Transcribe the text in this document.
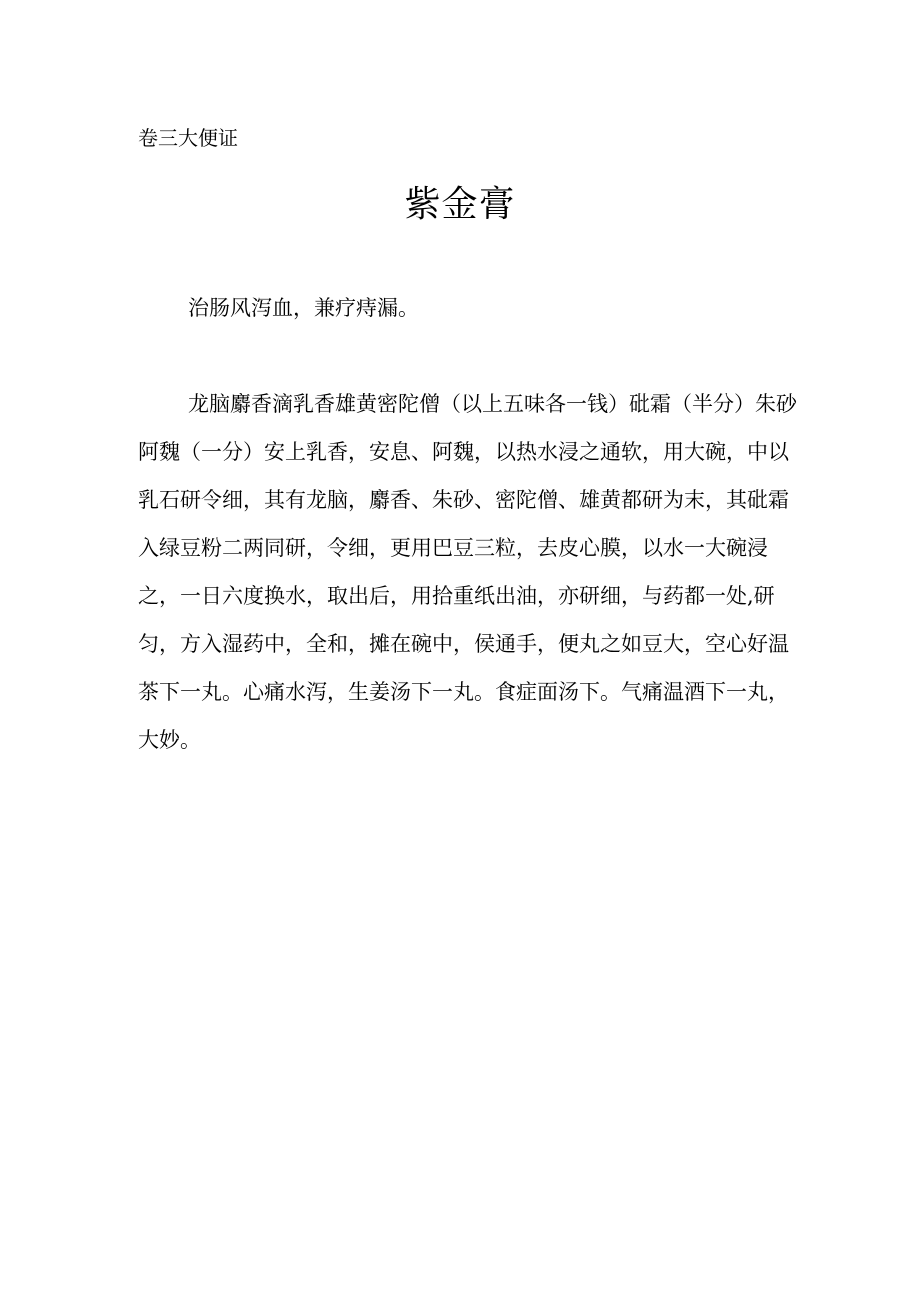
卷三大便证
紫金膏
治肠风泻血，兼疗痔漏。
龙脑麝香滴乳香雄黄密陀僧（以上五味各一钱）砒霜（半分）朱砂阿魏（一分）安上乳香，安息、阿魏，以热水浸之通软，用大碗，中以乳石研令细，其有龙脑，麝香、朱砂、密陀僧、雄黄都研为末，其砒霜入绿豆粉二两同研，令细，更用巴豆三粒，去皮心膜，以水一大碗浸之，一日六度换水，取出后，用拾重纸出油，亦研细，与药都一处,研匀，方入湿药中，全和，摊在碗中，侯通手，便丸之如豆大，空心好温茶下一丸。心痛水泻，生姜汤下一丸。食症面汤下。气痛温酒下一丸，大妙。
